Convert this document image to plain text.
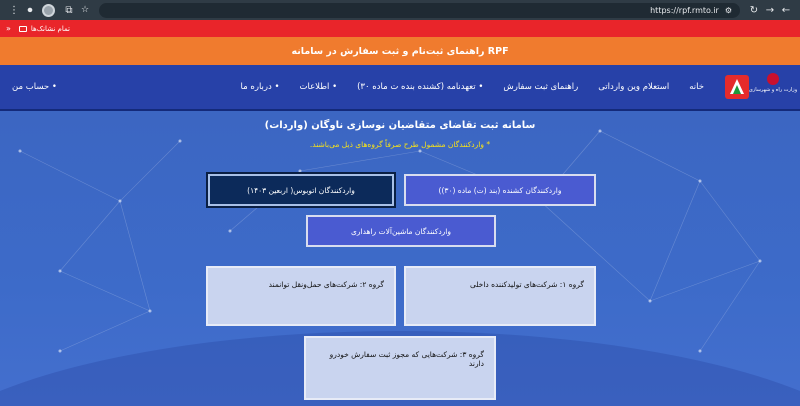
⋮ ⏺	⧉ ☆	https://rpf.rmto.ir ⚙	↻ → ←
»	تمام نشانک‌ها
راهنمای ثبت‌نام و ثبت سفارش در سامانه RPF
وزارت راه و شهرسازی
خانه
استعلام وین وارداتی
راهنمای ثبت سفارش
• تعهدنامه (کشنده بنده ت ماده ۳۰)
• اطلاعات
• درباره ما
• حساب من
سامانه ثبت تقاضای متقاضیان نوسازی ناوگان (واردات)
* واردکنندگان مشمول طرح صرفاً گروه‌های ذیل می‌باشند.
واردکنندگان کشنده (بند (ت) ماده (۳۰))
واردکنندگان اتوبوس( اربعین ۱۴۰۳)
واردکنندگان ماشین‌آلات راهداری
گروه ۱: شرکت‌های تولیدکننده داخلی
گروه ۲: شرکت‌های حمل‌ونقل توانمند
گروه ۳: شرکت‌هایی که مجوز ثبت سفارش خودرو دارند
